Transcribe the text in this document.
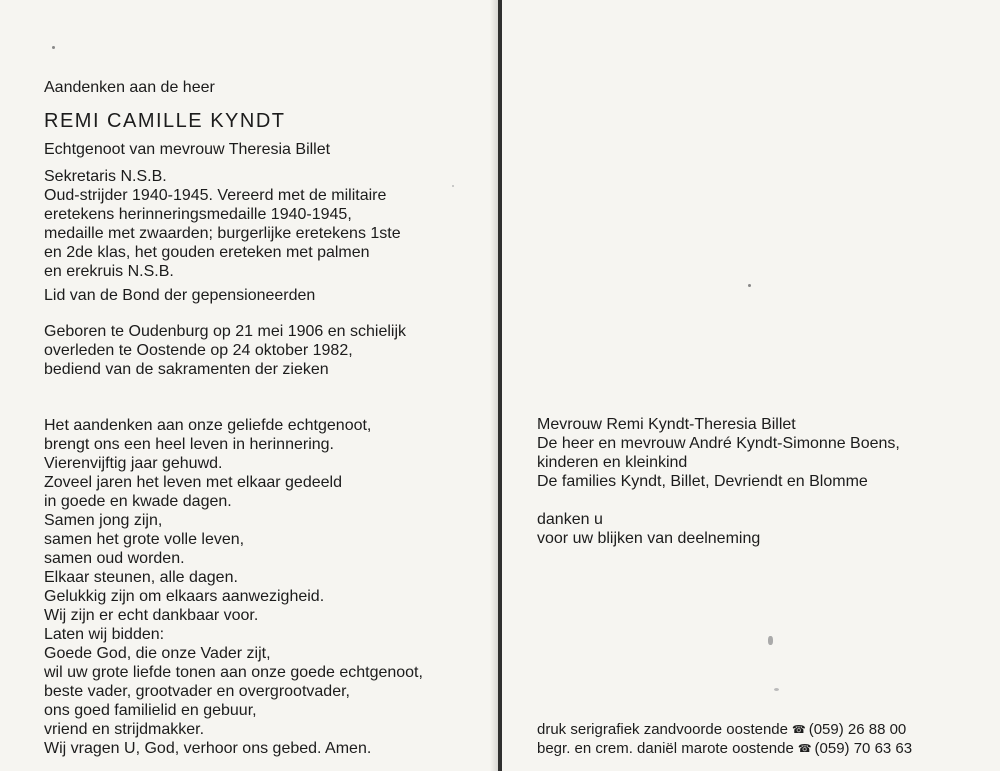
Aandenken aan de heer
REMI CAMILLE KYNDT
Echtgenoot van mevrouw Theresia Billet
Sekretaris N.S.B.
Oud-strijder 1940-1945. Vereerd met de militaire
eretekens herinneringsmedaille 1940-1945,
medaille met zwaarden; burgerlijke eretekens 1ste
en 2de klas, het gouden ereteken met palmen
en erekruis N.S.B.
Lid van de Bond der gepensioneerden
Geboren te Oudenburg op 21 mei 1906 en schielijk
overleden te Oostende op 24 oktober 1982,
bediend van de sakramenten der zieken
Het aandenken aan onze geliefde echtgenoot,
brengt ons een heel leven in herinnering.
Vierenvijftig jaar gehuwd.
Zoveel jaren het leven met elkaar gedeeld
in goede en kwade dagen.
Samen jong zijn,
samen het grote volle leven,
samen oud worden.
Elkaar steunen, alle dagen.
Gelukkig zijn om elkaars aanwezigheid.
Wij zijn er echt dankbaar voor.
Laten wij bidden:
Goede God, die onze Vader zijt,
wil uw grote liefde tonen aan onze goede echtgenoot,
beste vader, grootvader en overgrootvader,
ons goed familielid en gebuur,
vriend en strijdmakker.
Wij vragen U, God, verhoor ons gebed. Amen.
Mevrouw Remi Kyndt-Theresia Billet
De heer en mevrouw André Kyndt-Simonne Boens,
kinderen en kleinkind
De families Kyndt, Billet, Devriendt en Blomme
danken u
voor uw blijken van deelneming
druk serigrafiek zandvoorde oostende ☎ (059) 26 88 00
begr. en crem. daniël marote oostende ☎ (059) 70 63 63
